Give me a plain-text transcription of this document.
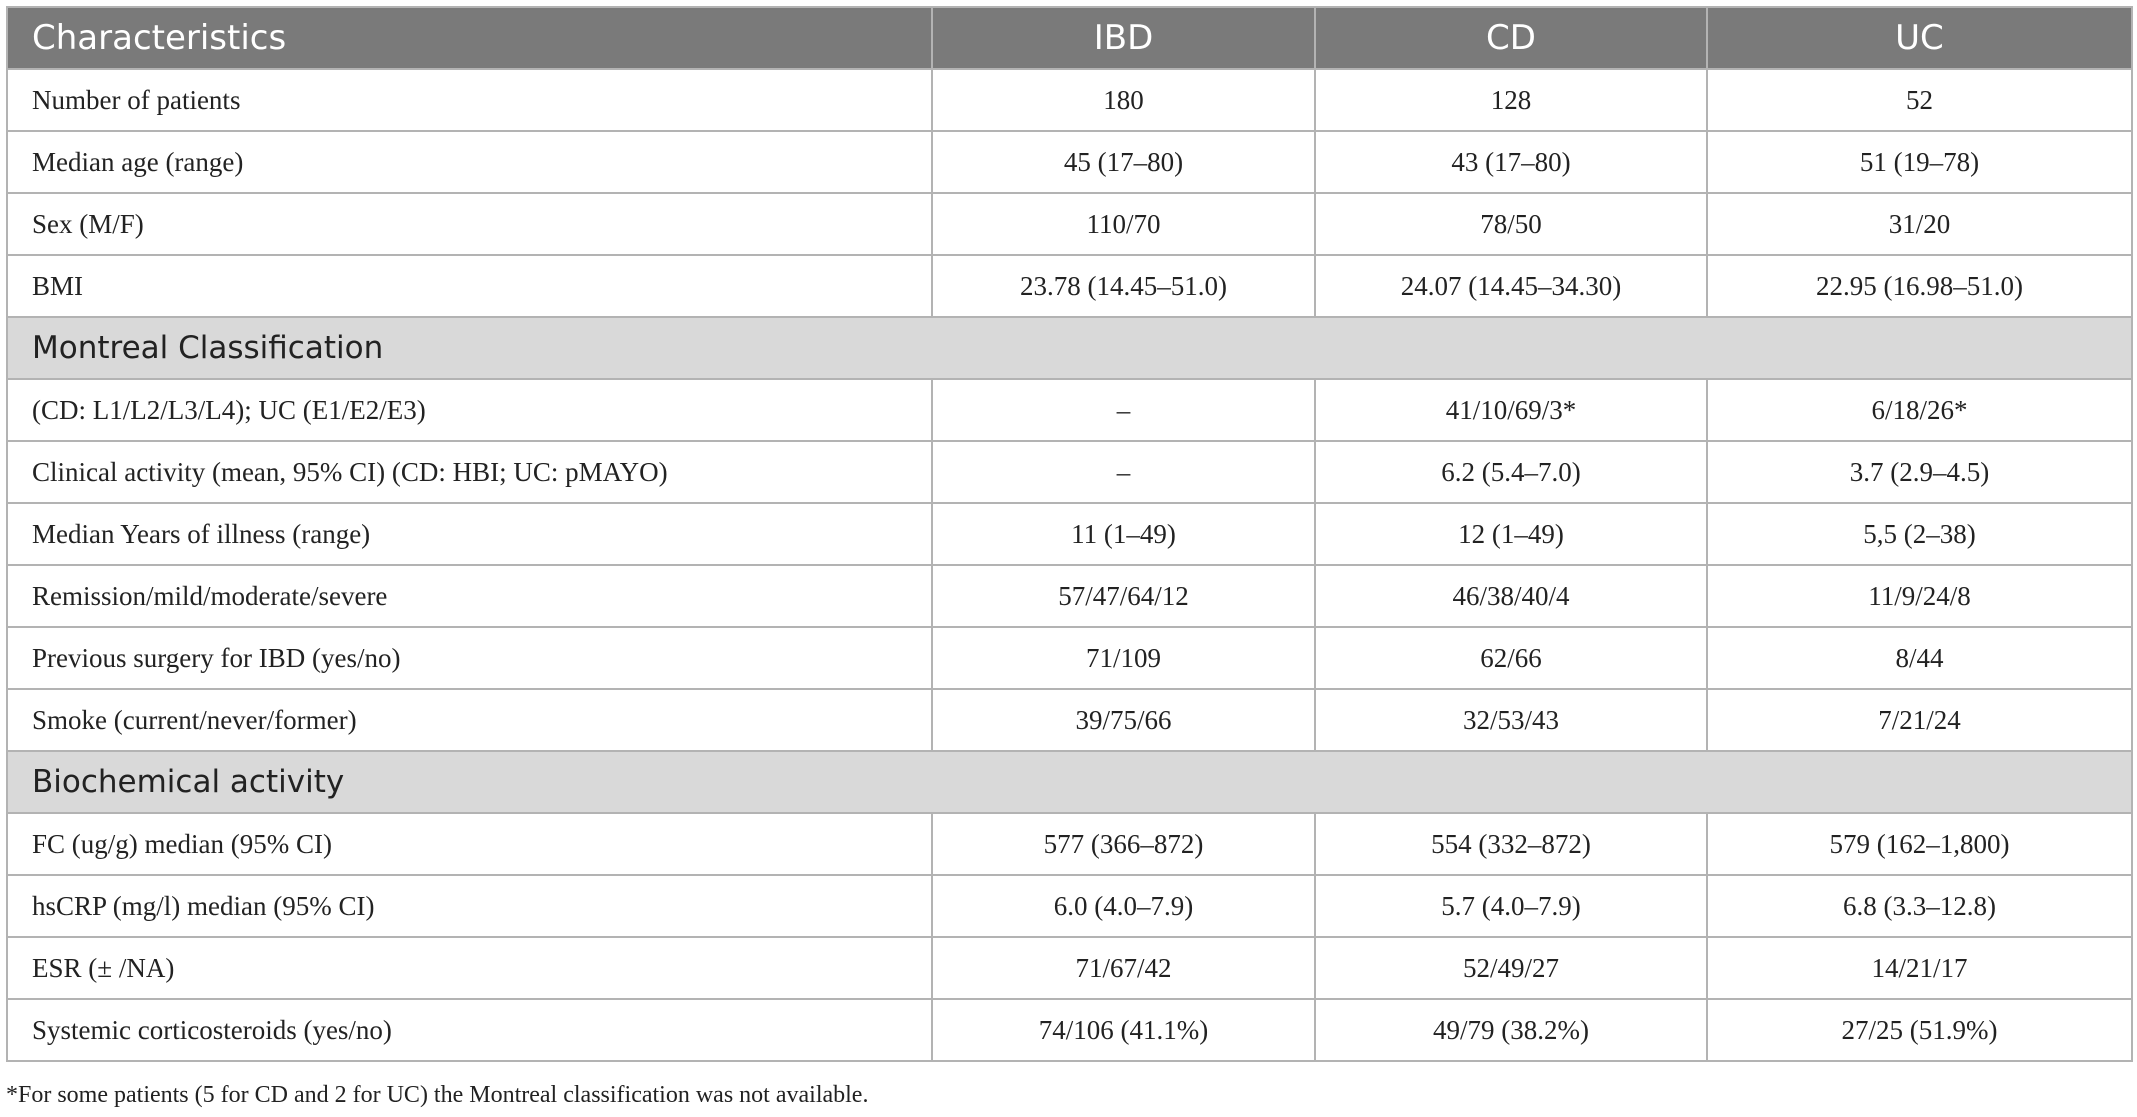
Characteristics	IBD	CD	UC
Number of patients	180	128	52
Median age (range)	45 (17–80)	43 (17–80)	51 (19–78)
Sex (M/F)	110/70	78/50	31/20
BMI	23.78 (14.45–51.0)	24.07 (14.45–34.30)	22.95 (16.98–51.0)
Montreal Classification			
(CD: L1/L2/L3/L4); UC (E1/E2/E3)	–	41/10/69/3*	6/18/26*
Clinical activity (mean, 95% CI) (CD: HBI; UC: pMAYO)	–	6.2 (5.4–7.0)	3.7 (2.9–4.5)
Median Years of illness (range)	11 (1–49)	12 (1–49)	5,5 (2–38)
Remission/mild/moderate/severe	57/47/64/12	46/38/40/4	11/9/24/8
Previous surgery for IBD (yes/no)	71/109	62/66	8/44
Smoke (current/never/former)	39/75/66	32/53/43	7/21/24
Biochemical activity			
FC (ug/g) median (95% CI)	577 (366–872)	554 (332–872)	579 (162–1,800)
hsCRP (mg/l) median (95% CI)	6.0 (4.0–7.9)	5.7 (4.0–7.9)	6.8 (3.3–12.8)
ESR (± /NA)	71/67/42	52/49/27	14/21/17
Systemic corticosteroids (yes/no)	74/106 (41.1%)	49/79 (38.2%)	27/25 (51.9%)
*For some patients (5 for CD and 2 for UC) the Montreal classification was not available.
